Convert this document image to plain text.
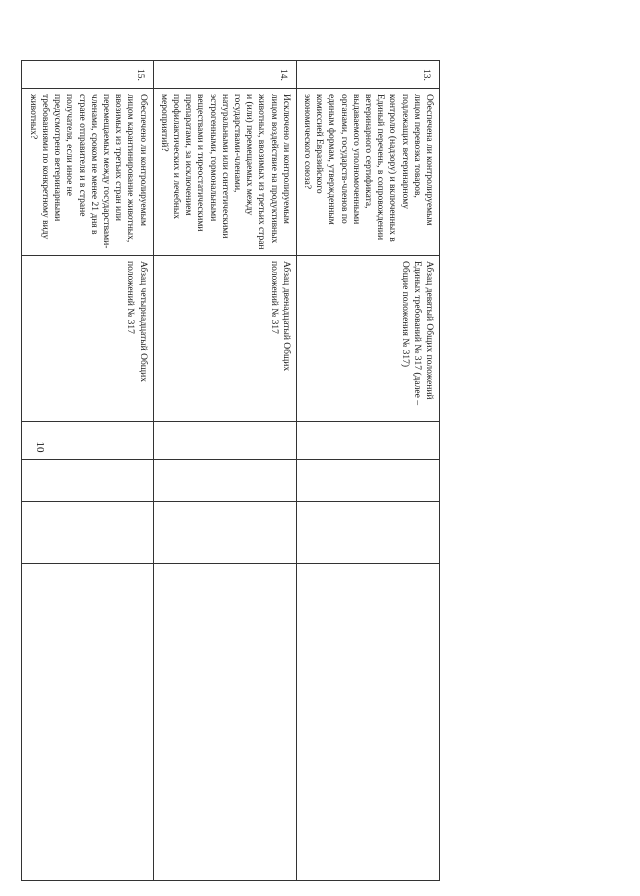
10
13.	Обеспечена ли контролируемым лицом перевозка товаров, подлежащих ветеринарному контролю (надзору) и включенных в Единый перечень, в сопровождении ветеринарного сертификата, выдаваемого уполномоченными органами, государств-членов по единым формам, утвержденным комиссией Евразийского экономического союза?	Абзац девятый Общих положений Единых требований № 317 (далее – Общие положения № 317)				

14.	Исключено ли контролируемым лицом воздействие на продуктивных животных, ввозимых из третьих стран и (или) перемещаемых между государствами-членами, натуральными или синтетическими эстрогенными, гормональными веществами и тиреостатическими препаратами, за исключением профилактических и лечебных мероприятий?	Абзац двенадцатый Общих положений № 317				

15.	Обеспечено ли контролируемым лицом карантинирование животных, ввозимых из третьих стран или перемещаемых между государствами-членами, сроком не менее 21 дня в стране отправителя и в стране получателя, если иное не предусмотрено ветеринарными требованиями по конкретному виду животных?	Абзац четырнадцатый Общих положений № 317				
